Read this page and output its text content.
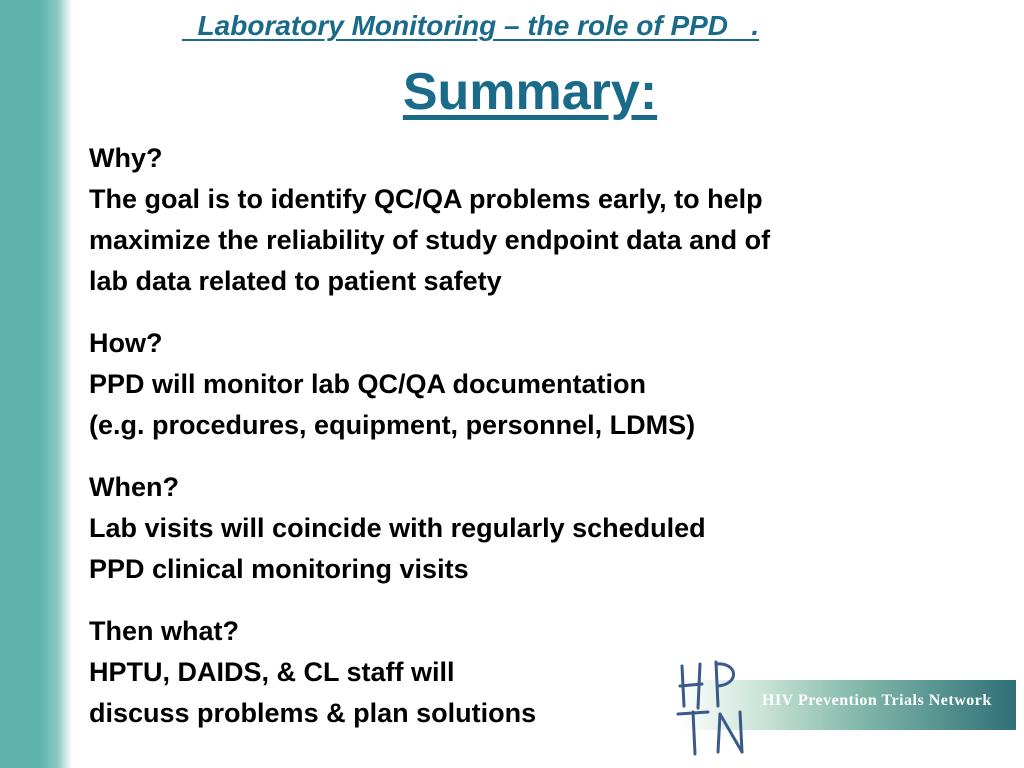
Laboratory Monitoring – the role of PPD   .
Summary:
Why?
The goal is to identify QC/QA problems early, to help
maximize the reliability of study endpoint data and of
lab data related to patient safety
How?
PPD will monitor lab QC/QA documentation
(e.g. procedures, equipment, personnel, LDMS)
When?
Lab visits will coincide with regularly scheduled
PPD clinical monitoring visits
Then what?
HPTU, DAIDS, & CL staff will
discuss problems & plan solutions	HIV Prevention Trials Network
